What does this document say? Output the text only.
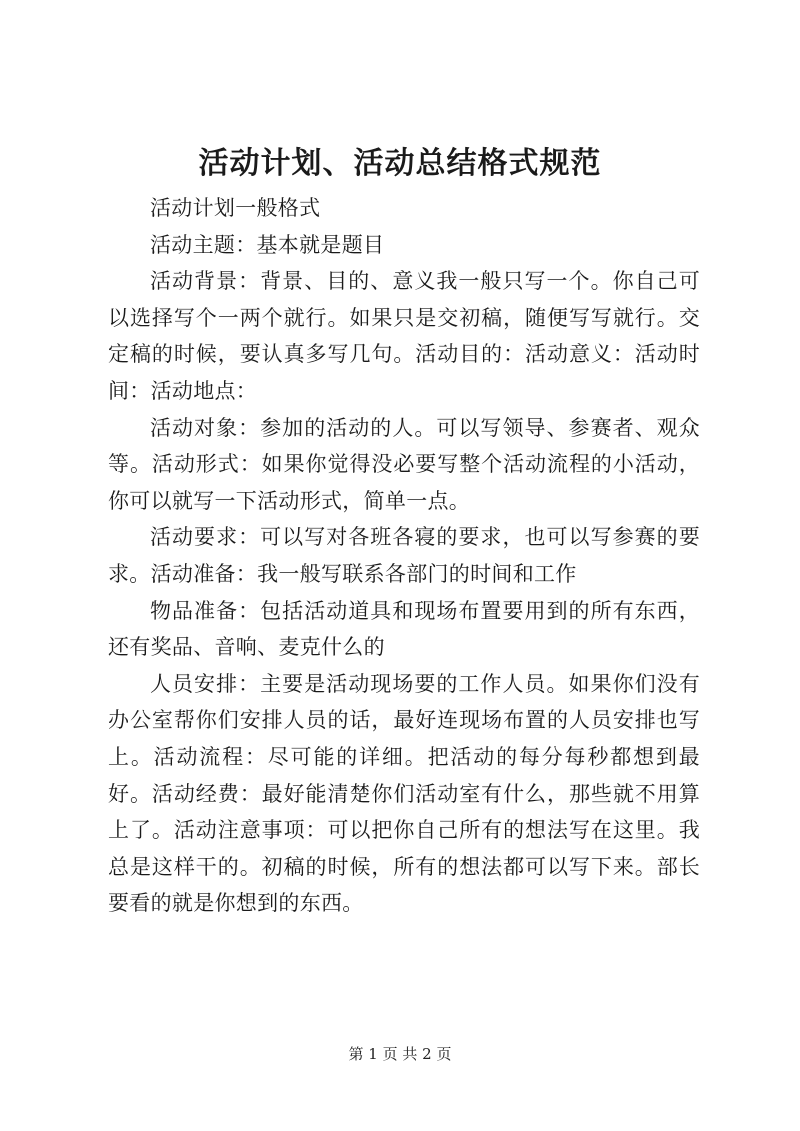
活动计划、活动总结格式规范

活动计划一般格式

活动主题：基本就是题目

活动背景：背景、目的、意义我一般只写一个。你自己可以选择写个一两个就行。如果只是交初稿，随便写写就行。交定稿的时候，要认真多写几句。活动目的：活动意义：活动时间：活动地点：

活动对象：参加的活动的人。可以写领导、参赛者、观众等。活动形式：如果你觉得没必要写整个活动流程的小活动，你可以就写一下活动形式，简单一点。

活动要求：可以写对各班各寝的要求，也可以写参赛的要求。活动准备：我一般写联系各部门的时间和工作

物品准备：包括活动道具和现场布置要用到的所有东西，还有奖品、音响、麦克什么的

人员安排：主要是活动现场要的工作人员。如果你们没有办公室帮你们安排人员的话，最好连现场布置的人员安排也写上。活动流程：尽可能的详细。把活动的每分每秒都想到最好。活动经费：最好能清楚你们活动室有什么，那些就不用算上了。活动注意事项：可以把你自己所有的想法写在这里。我总是这样干的。初稿的时候，所有的想法都可以写下来。部长要看的就是你想到的东西。

第 1 页 共 2 页
